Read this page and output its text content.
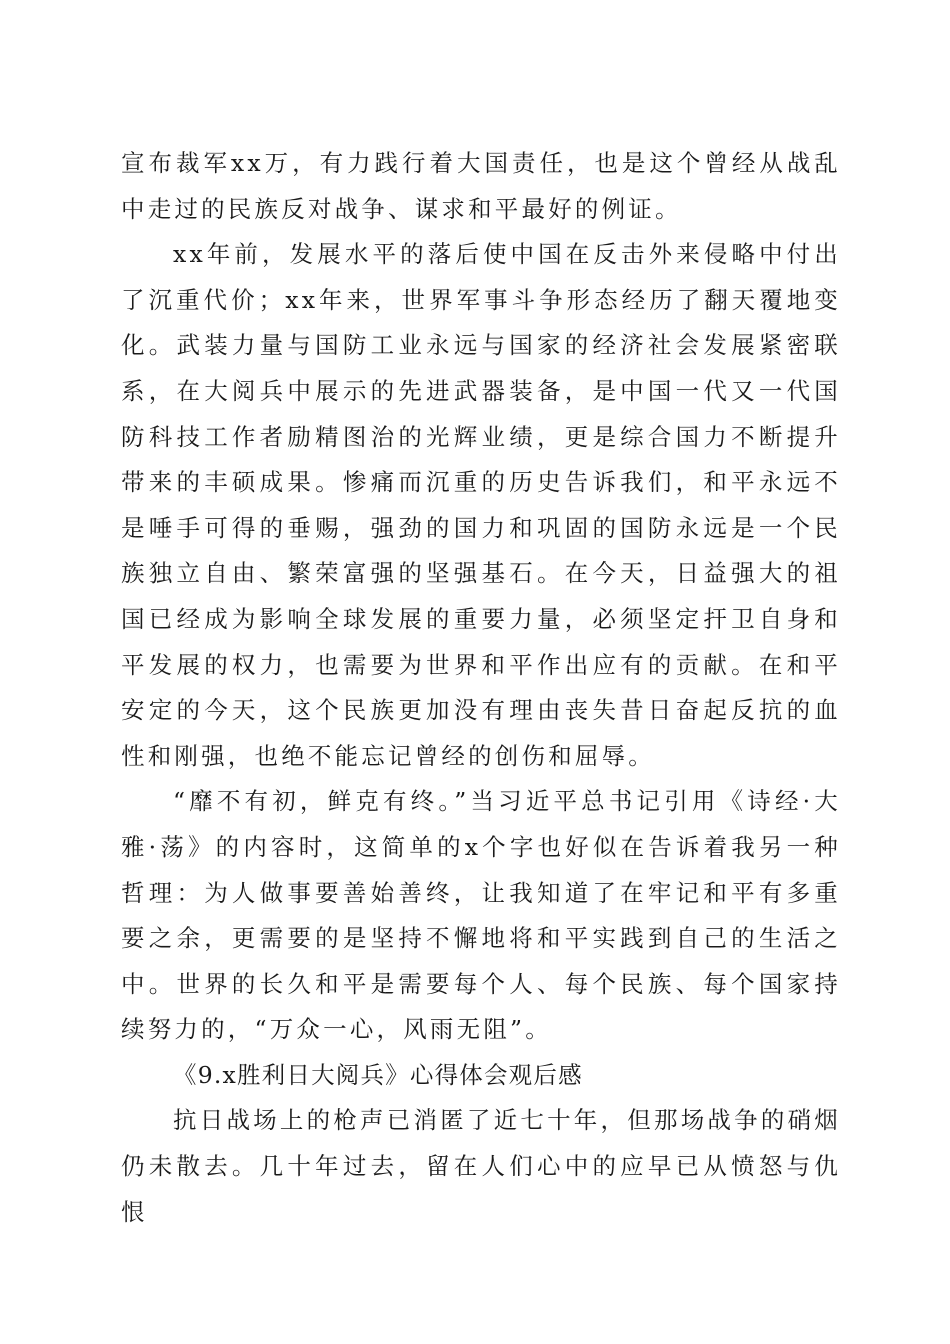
宣布裁军xx万，有力践行着大国责任，也是这个曾经从战乱中走过的民族反对战争、谋求和平最好的例证。

xx年前，发展水平的落后使中国在反击外来侵略中付出了沉重代价；xx年来，世界军事斗争形态经历了翻天覆地变化。武装力量与国防工业永远与国家的经济社会发展紧密联系，在大阅兵中展示的先进武器装备，是中国一代又一代国防科技工作者励精图治的光辉业绩，更是综合国力不断提升带来的丰硕成果。惨痛而沉重的历史告诉我们，和平永远不是唾手可得的垂赐，强劲的国力和巩固的国防永远是一个民族独立自由、繁荣富强的坚强基石。在今天，日益强大的祖国已经成为影响全球发展的重要力量，必须坚定扞卫自身和平发展的权力，也需要为世界和平作出应有的贡献。在和平安定的今天，这个民族更加没有理由丧失昔日奋起反抗的血性和刚强，也绝不能忘记曾经的创伤和屈辱。

“靡不有初，鲜克有终。”当习近平总书记引用《诗经·大雅·荡》的内容时，这简单的x个字也好似在告诉着我另一种哲理：为人做事要善始善终，让我知道了在牢记和平有多重要之余，更需要的是坚持不懈地将和平实践到自己的生活之中。世界的长久和平是需要每个人、每个民族、每个国家持续努力的，“万众一心，风雨无阻”。

《9.x胜利日大阅兵》心得体会观后感

抗日战场上的枪声已消匿了近七十年，但那场战争的硝烟仍未散去。几十年过去，留在人们心中的应早已从愤怒与仇恨
